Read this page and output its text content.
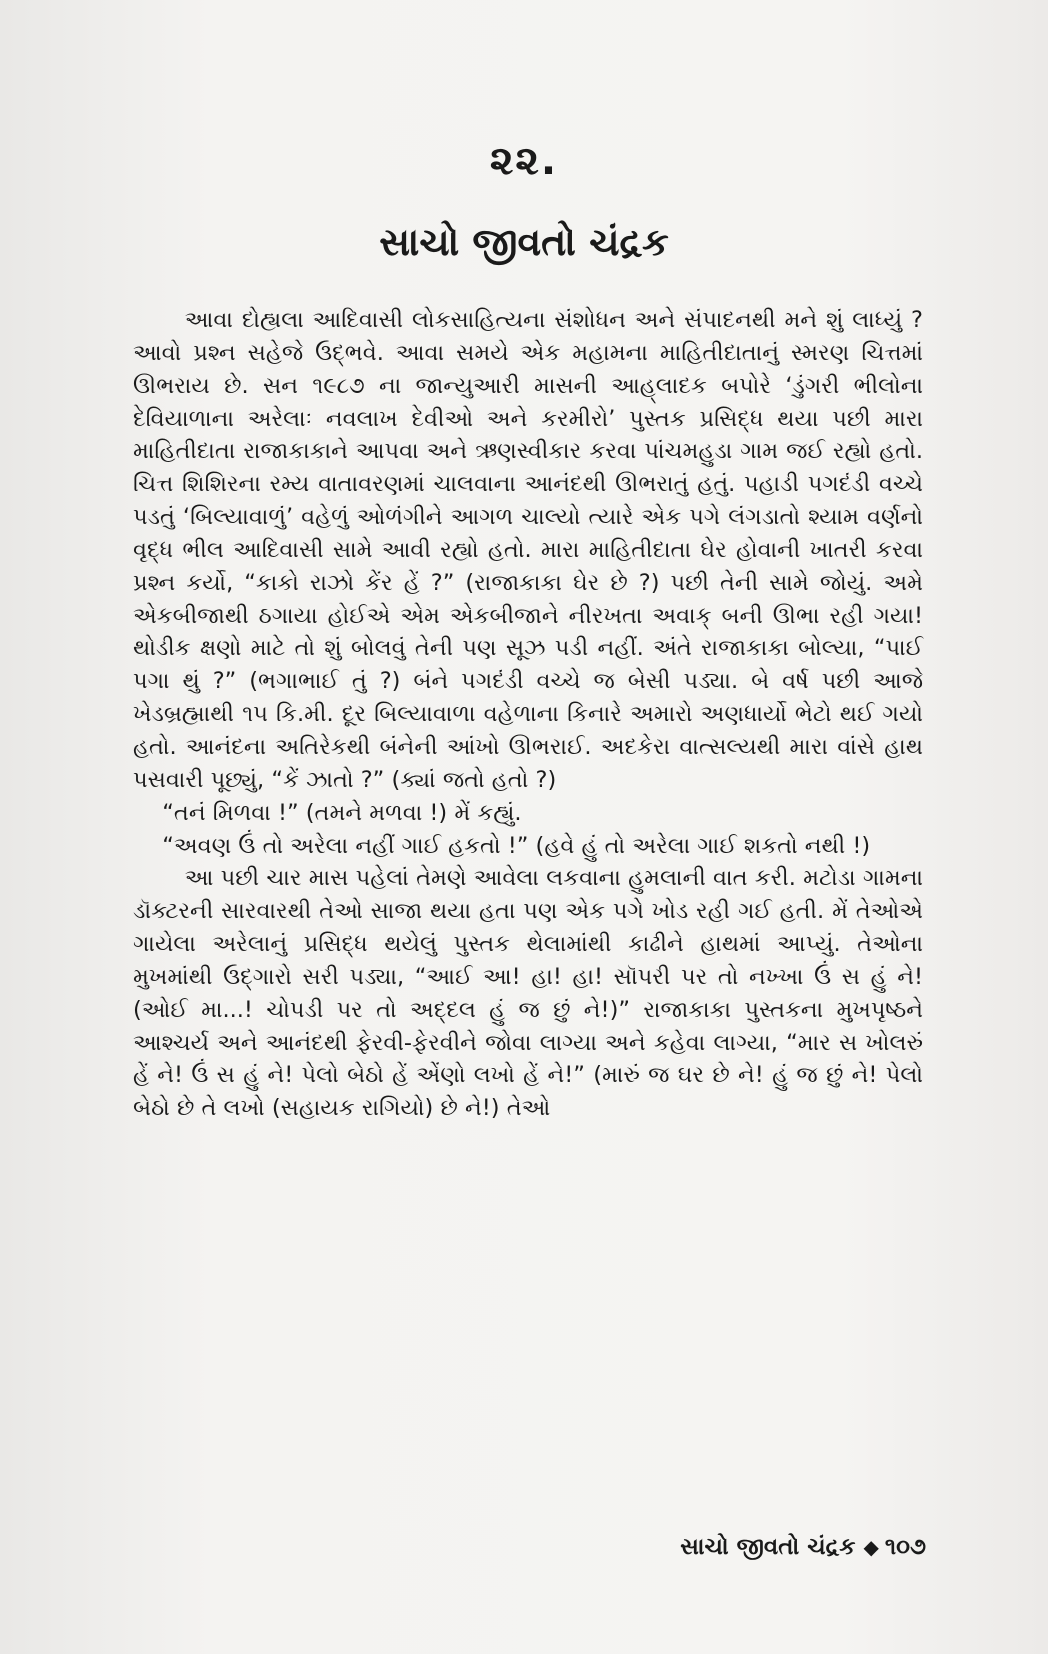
૨૨.
સાચો જીવતો ચંદ્રક

આવા દોહ્યલા આદિવાસી લોકસાહિત્યના સંશોધન અને સંપાદનથી મને શું લાધ્યું ? આવો પ્રશ્ન સહેજે ઉદ્ભવે. આવા સમયે એક મહામના માહિતીદાતાનું સ્મરણ ચિત્તમાં ઊભરાય છે. સન ૧૯૮૭ ના જાન્યુઆરી માસની આહ્‌લાદક બપોરે ‘ડુંગરી ભીલોના દેવિયાળાના અરેલાઃ નવલાખ દેવીઓ અને કરમીરો’ પુસ્તક પ્રસિદ્ધ થયા પછી મારા માહિતીદાતા રાજાકાકાને આપવા અને ઋણસ્વીકાર કરવા પાંચમહુડા ગામ જઈ રહ્યો હતો. ચિત્ત શિશિરના રમ્ય વાતાવરણમાં ચાલવાના આનંદથી ઊભરાતું હતું. પહાડી પગદંડી વચ્ચે પડતું ‘બિલ્યાવાળું’ વહેળું ઓળંગીને આગળ ચાલ્યો ત્યારે એક પગે લંગડાતો શ્યામ વર્ણનો વૃદ્ધ ભીલ આદિવાસી સામે આવી રહ્યો હતો. મારા માહિતીદાતા ઘેર હોવાની ખાતરી કરવા પ્રશ્ન કર્યો, “કાકો રાઝો કેંર હેં ?” (રાજાકાકા ઘેર છે ?) પછી તેની સામે જોયું. અમે એકબીજાથી ઠગાયા હોઈએ એમ એકબીજાને નીરખતા અવાક્ બની ઊભા રહી ગયા! થોડીક ક્ષણો માટે તો શું બોલવું તેની પણ સૂઝ પડી નહીં. અંતે રાજાકાકા બોલ્યા, “પાઈ પગા થું ?” (ભગાભાઈ તું ?) બંને પગદંડી વચ્ચે જ બેસી પડ્યા. બે વર્ષ પછી આજે ખેડબ્રહ્માથી ૧૫ કિ.મી. દૂર બિલ્યાવાળા વહેળાના કિનારે અમારો અણધાર્યો ભેટો થઈ ગયો હતો. આનંદના અતિરેકથી બંનેની આંખો ઊભરાઈ. અદકેરા વાત્સલ્યથી મારા વાંસે હાથ પસવારી પૂછ્યું, “કેં ઝાતો ?” (ક્યાં જતો હતો ?)

“તનં મિળવા !” (તમને મળવા !) મેં કહ્યું.

“અવણ ઉં તો અરેલા નહીં ગાઈ હકતો !” (હવે હું તો અરેલા ગાઈ શકતો નથી !)

આ પછી ચાર માસ પહેલાં તેમણે આવેલા લકવાના હુમલાની વાત કરી. મટોડા ગામના ડૉક્ટરની સારવારથી તેઓ સાજા થયા હતા પણ એક પગે ખોડ રહી ગઈ હતી. મેં તેઓએ ગાયેલા અરેલાનું પ્રસિદ્ધ થયેલું પુસ્તક થેલામાંથી કાઢીને હાથમાં આપ્યું. તેઓના મુખમાંથી ઉદ્ગારો સરી પડ્યા, “આઈ આ! હા! હા! સૉપરી પર તો નખ્ખા ઉં સ હું ને! (ઓઈ મા...! ચોપડી પર તો અદ્દલ હું જ છું ને!)” રાજાકાકા પુસ્તકના મુખપૃષ્ઠને આશ્ચર્ય અને આનંદથી ફેરવી-ફેરવીને જોવા લાગ્યા અને કહેવા લાગ્યા, “માર સ ખોલરું હેં ને! ઉં સ હું ને! પેલો બેઠો હેં એંણો લખો હેં ને!” (મારું જ ઘર છે ને! હું જ છું ને! પેલો બેઠો છે તે લખો (સહાયક રાગિયો) છે ને!) તેઓ

સાચો જીવતો ચંદ્રક ◆ ૧૦૭
